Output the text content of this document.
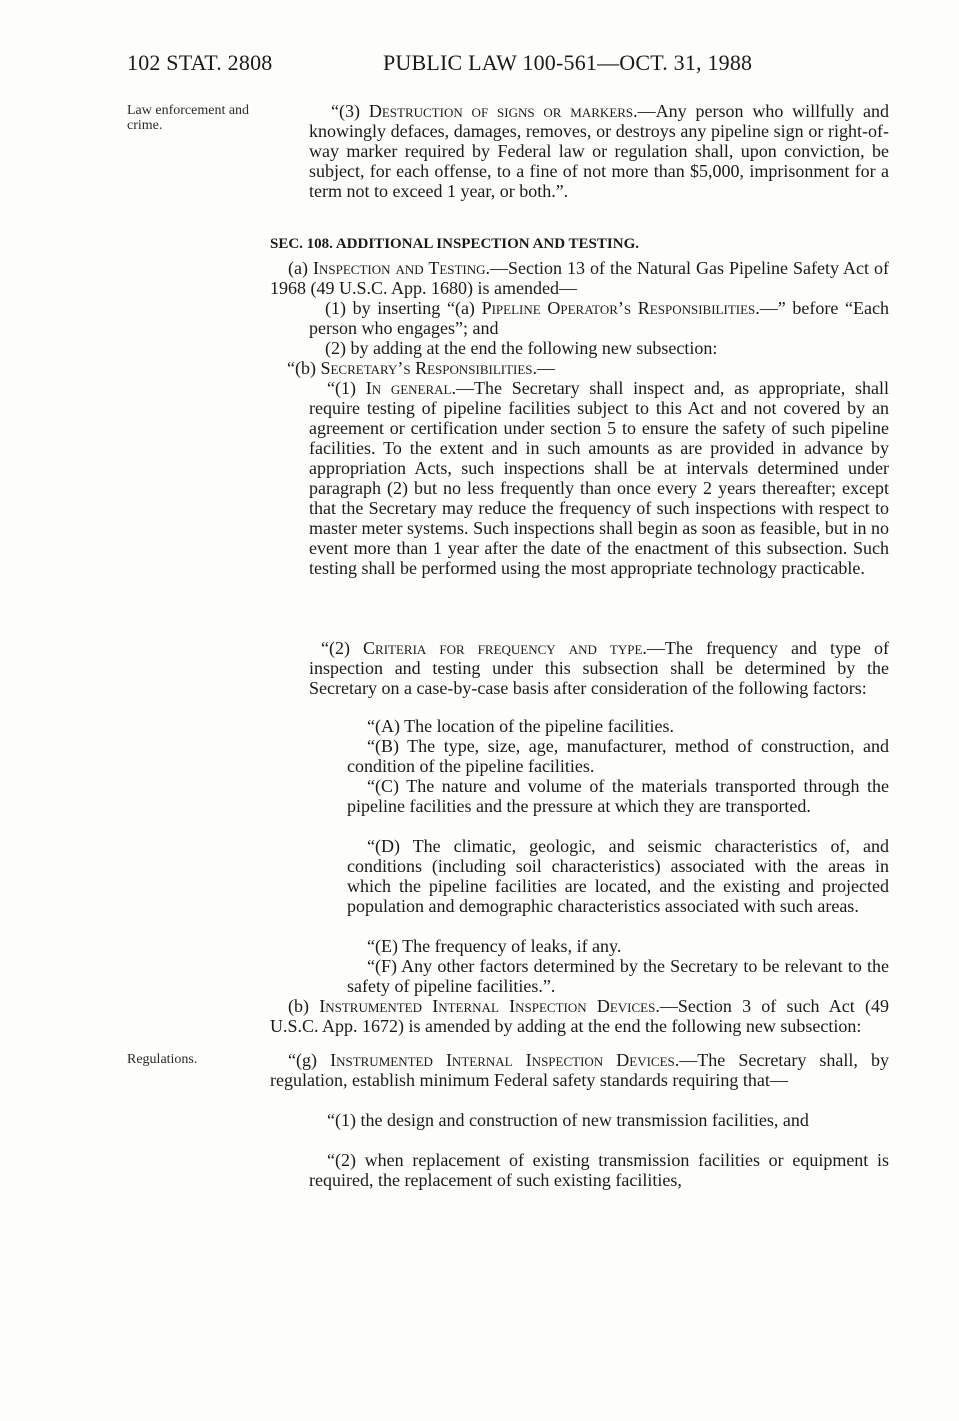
102 STAT. 2808	PUBLIC LAW 100-561—OCT. 31, 1988
Law enforcement and crime.
Regulations.

“(3) Destruction of signs or markers.—Any person who willfully and knowingly defaces, damages, removes, or destroys any pipeline sign or right-of-way marker required by Federal law or regulation shall, upon conviction, be subject, for each offense, to a fine of not more than $5,000, imprisonment for a term not to exceed 1 year, or both.”.

SEC. 108. ADDITIONAL INSPECTION AND TESTING.

(a) Inspection and Testing.—Section 13 of the Natural Gas Pipeline Safety Act of 1968 (49 U.S.C. App. 1680) is amended—

(1) by inserting “(a) Pipeline Operator’s Responsibilities.—” before “Each person who engages”; and

(2) by adding at the end the following new subsection:

“(b) Secretary’s Responsibilities.—

“(1) In general.—The Secretary shall inspect and, as appropriate, shall require testing of pipeline facilities subject to this Act and not covered by an agreement or certification under section 5 to ensure the safety of such pipeline facilities. To the extent and in such amounts as are provided in advance by appropriation Acts, such inspections shall be at intervals determined under paragraph (2) but no less frequently than once every 2 years thereafter; except that the Secretary may reduce the frequency of such inspections with respect to master meter systems. Such inspections shall begin as soon as feasible, but in no event more than 1 year after the date of the enactment of this subsection. Such testing shall be performed using the most appropriate technology practicable.

“(2) Criteria for frequency and type.—The frequency and type of inspection and testing under this subsection shall be determined by the Secretary on a case-by-case basis after consideration of the following factors:

“(A) The location of the pipeline facilities.

“(B) The type, size, age, manufacturer, method of construction, and condition of the pipeline facilities.

“(C) The nature and volume of the materials transported through the pipeline facilities and the pressure at which they are transported.

“(D) The climatic, geologic, and seismic characteristics of, and conditions (including soil characteristics) associated with the areas in which the pipeline facilities are located, and the existing and projected population and demographic characteristics associated with such areas.

“(E) The frequency of leaks, if any.

“(F) Any other factors determined by the Secretary to be relevant to the safety of pipeline facilities.”.

(b) Instrumented Internal Inspection Devices.—Section 3 of such Act (49 U.S.C. App. 1672) is amended by adding at the end the following new subsection:

“(g) Instrumented Internal Inspection Devices.—The Secretary shall, by regulation, establish minimum Federal safety standards requiring that—

“(1) the design and construction of new transmission facilities, and

“(2) when replacement of existing transmission facilities or equipment is required, the replacement of such existing facilities,
